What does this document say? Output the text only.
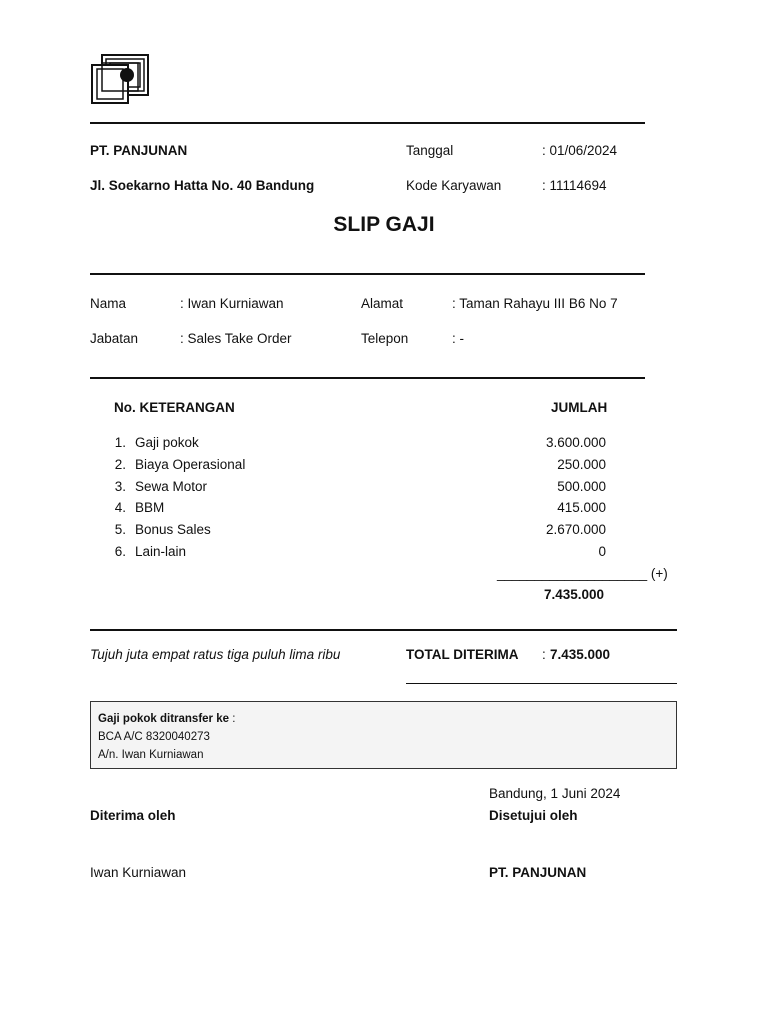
PT. PANJUNAN
Jl. Soekarno Hatta No. 40 Bandung
Tanggal	: 01/06/2024
Kode Karyawan	: 11114694
SLIP GAJI
Nama	: Iwan Kurniawan	Alamat	: Taman Rahayu III B6 No 7
Jabatan	: Sales Take Order	Telepon	: -
No. KETERANGAN	JUMLAH
1. Gaji pokok	3.600.000
2. Biaya Operasional	250.000
3. Sewa Motor	500.000
4. BBM	415.000
5. Bonus Sales	2.670.000
6. Lain-lain	0
____________________ (+)
7.435.000
Tujuh juta empat ratus tiga puluh lima ribu	TOTAL DITERIMA : 7.435.000
Gaji pokok ditransfer ke :
BCA A/C 8320040273
A/n. Iwan Kurniawan
Bandung, 1 Juni 2024
Diterima oleh	Disetujui oleh
Iwan Kurniawan	PT. PANJUNAN
